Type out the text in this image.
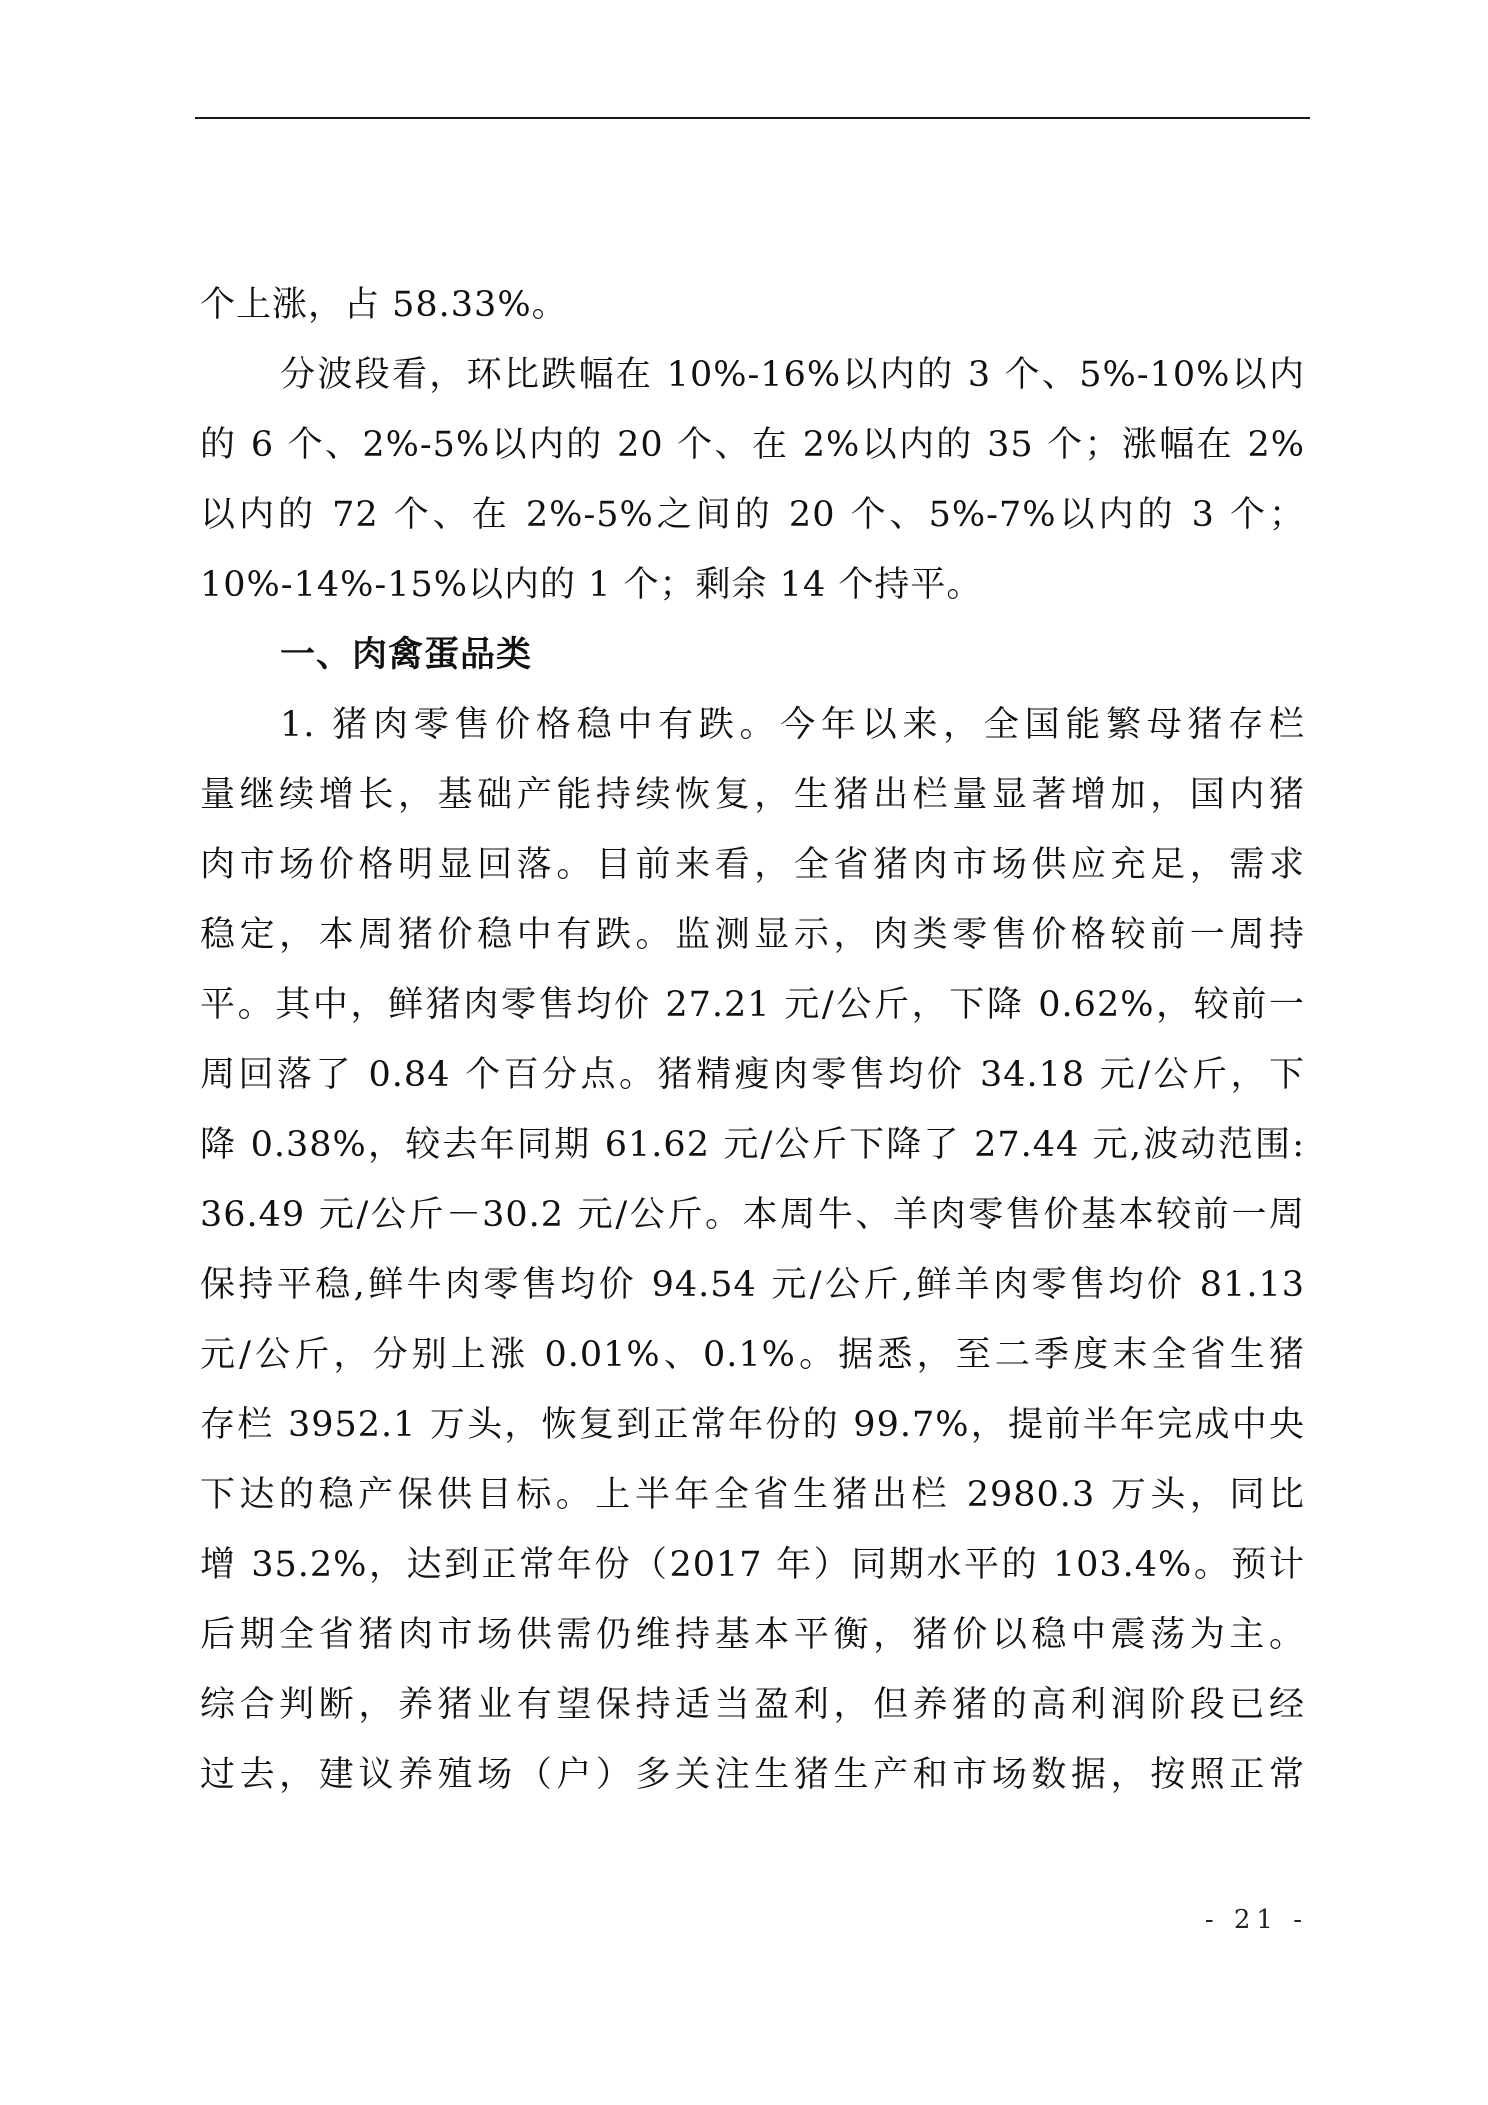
个上涨，占 58.33%。
分波段看，环比跌幅在 10%-16%以内的 3 个、5%-10%以内
的 6 个、2%-5%以内的 20 个、在 2%以内的 35 个；涨幅在 2%
以内的 72 个、在 2%-5%之间的 20 个、5%-7%以内的 3 个；
10%-14%-15%以内的 1 个；剩余 14 个持平。
一、肉禽蛋品类
1. 猪肉零售价格稳中有跌。今年以来，全国能繁母猪存栏
量继续增长，基础产能持续恢复，生猪出栏量显著增加，国内猪
肉市场价格明显回落。目前来看，全省猪肉市场供应充足，需求
稳定，本周猪价稳中有跌。监测显示，肉类零售价格较前一周持
平。其中，鲜猪肉零售均价 27.21 元/公斤，下降 0.62%，较前一
周回落了 0.84 个百分点。猪精瘦肉零售均价 34.18 元/公斤，下
降 0.38%，较去年同期 61.62 元/公斤下降了 27.44 元,波动范围:
36.49 元/公斤－30.2 元/公斤。本周牛、羊肉零售价基本较前一周
保持平稳,鲜牛肉零售均价 94.54 元/公斤,鲜羊肉零售均价 81.13
元/公斤，分别上涨 0.01%、0.1%。据悉，至二季度末全省生猪
存栏 3952.1 万头，恢复到正常年份的 99.7%，提前半年完成中央
下达的稳产保供目标。上半年全省生猪出栏 2980.3 万头，同比
增 35.2%，达到正常年份（2017 年）同期水平的 103.4%。预计
后期全省猪肉市场供需仍维持基本平衡，猪价以稳中震荡为主。
综合判断，养猪业有望保持适当盈利，但养猪的高利润阶段已经
过去，建议养殖场（户）多关注生猪生产和市场数据，按照正常
- 21 -
